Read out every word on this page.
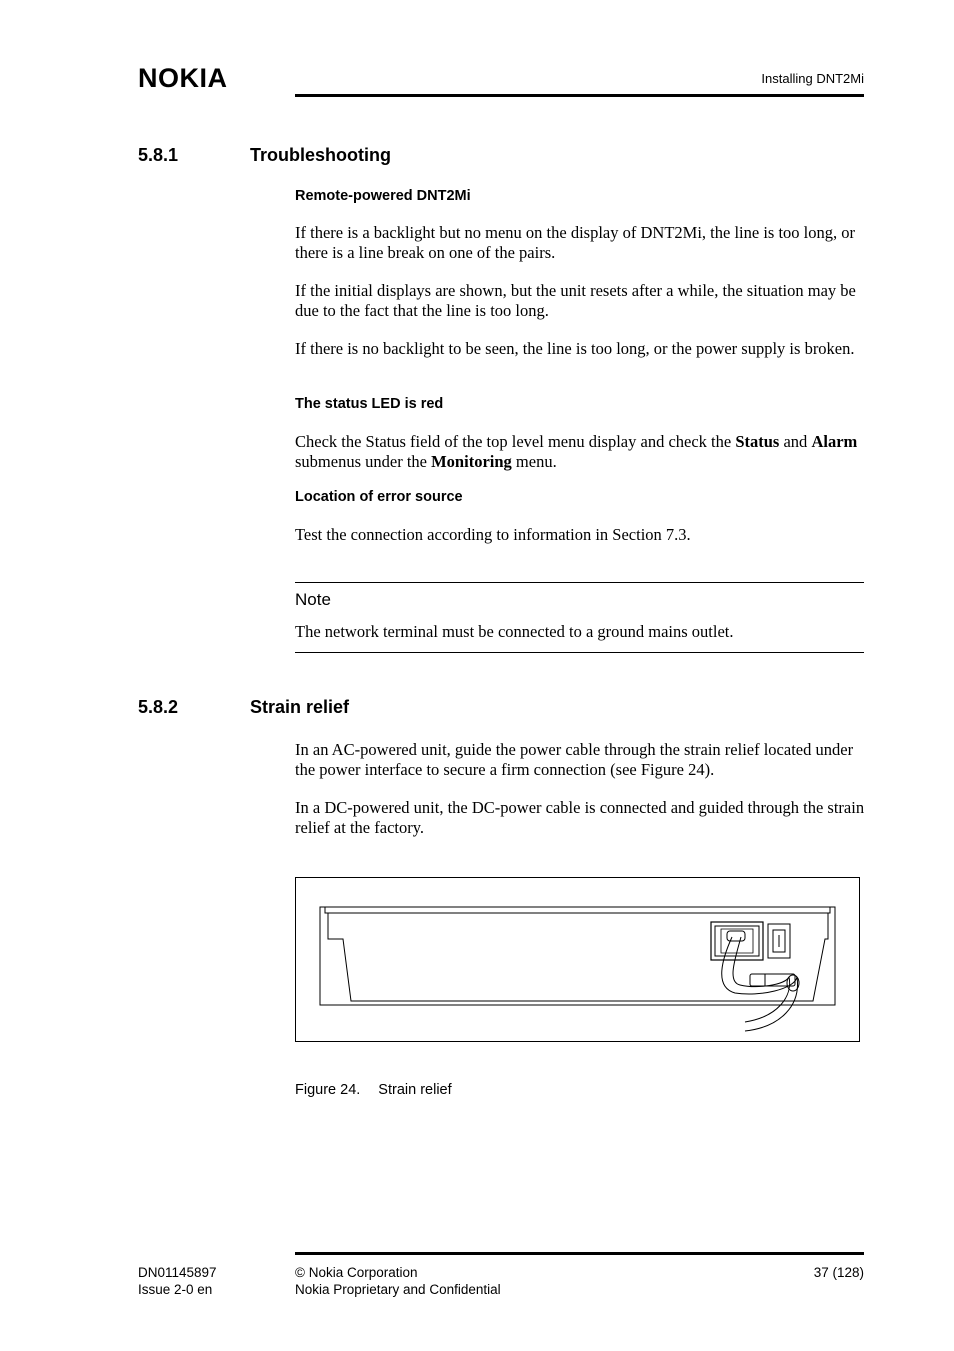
NOKIA	Installing DNT2Mi
5.8.1	Troubleshooting
Remote-powered DNT2Mi
If there is a backlight but no menu on the display of DNT2Mi, the line is too long, or there is a line break on one of the pairs.
If the initial displays are shown, but the unit resets after a while, the situation may be due to the fact that the line is too long.
If there is no backlight to be seen, the line is too long, or the power supply is broken.
The status LED is red
Check the Status field of the top level menu display and check the Status and Alarm submenus under the Monitoring menu.
Location of error source
Test the connection according to information in Section 7.3.
Note
The network terminal must be connected to a ground mains outlet.
5.8.2	Strain relief
In an AC-powered unit, guide the power cable through the strain relief located under the power interface to secure a firm connection (see Figure 24).
In a DC-powered unit, the DC-power cable is connected and guided through the strain relief at the factory.
Figure 24. Strain relief
DN01145897
Issue 2-0 en
© Nokia Corporation
Nokia Proprietary and Confidential
37 (128)
